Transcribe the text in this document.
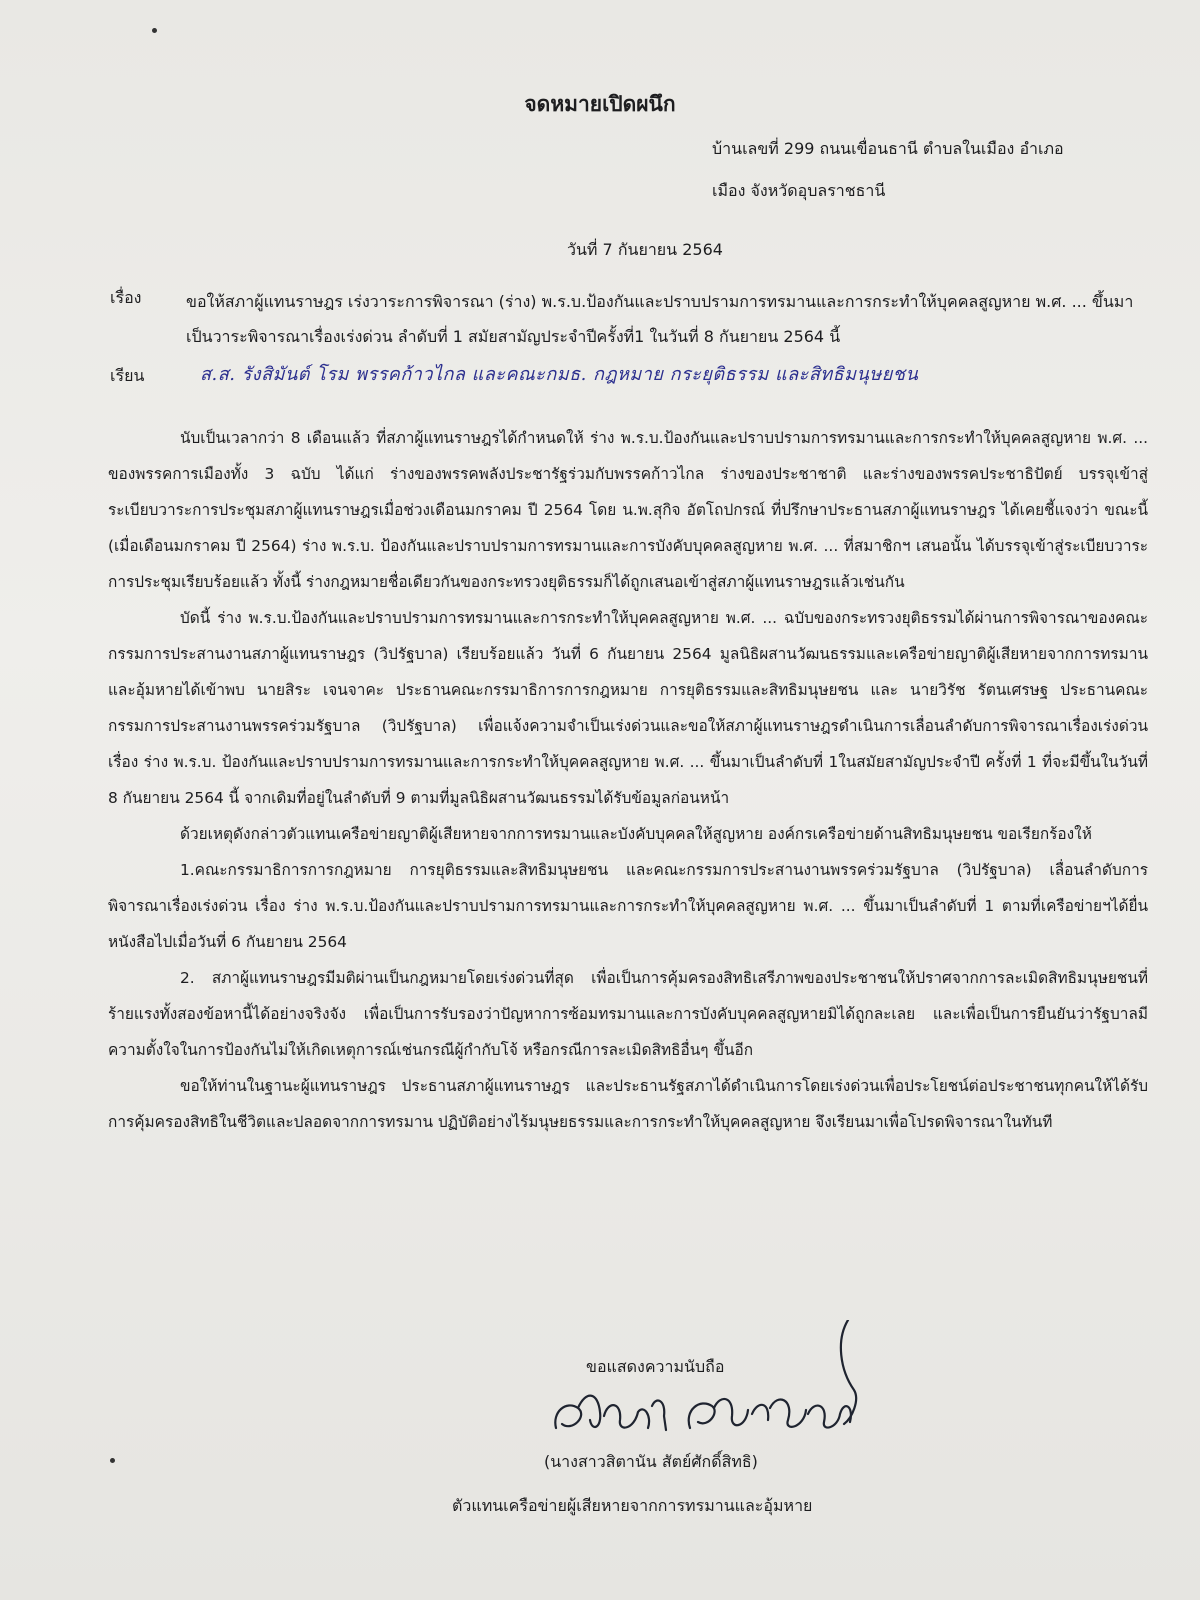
จดหมายเปิดผนึก
บ้านเลขที่ 299 ถนนเขื่อนธานี ตำบลในเมือง อำเภอ
เมือง จังหวัดอุบลราชธานี
วันที่ 7 กันยายน 2564
เรื่อง	ขอให้สภาผู้แทนราษฎร เร่งวาระการพิจารณา (ร่าง) พ.ร.บ.ป้องกันและปราบปรามการทรมานและการกระทำให้บุคคลสูญหาย พ.ศ. ... ขึ้นมาเป็นวาระพิจารณาเรื่องเร่งด่วน ลำดับที่ 1 สมัยสามัญประจำปีครั้งที่1 ในวันที่ 8 กันยายน 2564 นี้
เรียน	ส.ส. รังสิมันต์ โรม พรรคก้าวไกล และคณะกมธ. กฎหมาย กระยุติธรรม และสิทธิมนุษยชน

นับเป็นเวลากว่า 8 เดือนแล้ว ที่สภาผู้แทนราษฎรได้กำหนดให้ ร่าง พ.ร.บ.ป้องกันและปราบปรามการทรมานและการกระทำให้บุคคลสูญหาย พ.ศ. ... ของพรรคการเมืองทั้ง 3 ฉบับ ได้แก่ ร่างของพรรคพลังประชารัฐร่วมกับพรรคก้าวไกล ร่างของประชาชาติ และร่างของพรรคประชาธิปัตย์ บรรจุเข้าสู่ระเบียบวาระการประชุมสภาผู้แทนราษฎรเมื่อช่วงเดือนมกราคม ปี 2564 โดย น.พ.สุกิจ อัตโถปกรณ์ ที่ปรึกษาประธานสภาผู้แทนราษฎร ได้เคยชี้แจงว่า ขณะนี้ (เมื่อเดือนมกราคม ปี 2564) ร่าง พ.ร.บ. ป้องกันและปราบปรามการทรมานและการบังคับบุคคลสูญหาย พ.ศ. ... ที่สมาชิกฯ เสนอนั้น ได้บรรจุเข้าสู่ระเบียบวาระการประชุมเรียบร้อยแล้ว ทั้งนี้ ร่างกฎหมายชื่อเดียวกันของกระทรวงยุติธรรมก็ได้ถูกเสนอเข้าสู่สภาผู้แทนราษฎรแล้วเช่นกัน

บัดนี้ ร่าง พ.ร.บ.ป้องกันและปราบปรามการทรมานและการกระทำให้บุคคลสูญหาย พ.ศ. ... ฉบับของกระทรวงยุติธรรมได้ผ่านการพิจารณาของคณะกรรมการประสานงานสภาผู้แทนราษฎร (วิปรัฐบาล) เรียบร้อยแล้ว วันที่ 6 กันยายน 2564 มูลนิธิผสานวัฒนธรรมและเครือข่ายญาติผู้เสียหายจากการทรมานและอุ้มหายได้เข้าพบ นายสิระ เจนจาคะ ประธานคณะกรรมาธิการการกฎหมาย การยุติธรรมและสิทธิมนุษยชน และ นายวิรัช รัตนเศรษฐ ประธานคณะกรรมการประสานงานพรรคร่วมรัฐบาล (วิปรัฐบาล) เพื่อแจ้งความจำเป็นเร่งด่วนและขอให้สภาผู้แทนราษฎรดำเนินการเลื่อนลำดับการพิจารณาเรื่องเร่งด่วน เรื่อง ร่าง พ.ร.บ. ป้องกันและปราบปรามการทรมานและการกระทำให้บุคคลสูญหาย พ.ศ. ... ขึ้นมาเป็นลำดับที่ 1ในสมัยสามัญประจำปี ครั้งที่ 1 ที่จะมีขึ้นในวันที่ 8 กันยายน 2564 นี้ จากเดิมที่อยู่ในลำดับที่ 9 ตามที่มูลนิธิผสานวัฒนธรรมได้รับข้อมูลก่อนหน้า

ด้วยเหตุดังกล่าวตัวแทนเครือข่ายญาติผู้เสียหายจากการทรมานและบังคับบุคคลให้สูญหาย องค์กรเครือข่ายด้านสิทธิมนุษยชน ขอเรียกร้องให้

1.คณะกรรมาธิการการกฎหมาย การยุติธรรมและสิทธิมนุษยชน และคณะกรรมการประสานงานพรรคร่วมรัฐบาล (วิปรัฐบาล) เลื่อนลำดับการพิจารณาเรื่องเร่งด่วน เรื่อง ร่าง พ.ร.บ.ป้องกันและปราบปรามการทรมานและการกระทำให้บุคคลสูญหาย พ.ศ. ... ขึ้นมาเป็นลำดับที่ 1 ตามที่เครือข่ายฯได้ยื่นหนังสือไปเมื่อวันที่ 6 กันยายน 2564

2. สภาผู้แทนราษฎรมีมติผ่านเป็นกฎหมายโดยเร่งด่วนที่สุด เพื่อเป็นการคุ้มครองสิทธิเสรีภาพของประชาชนให้ปราศจากการละเมิดสิทธิมนุษยชนที่ร้ายแรงทั้งสองข้อหานี้ได้อย่างจริงจัง เพื่อเป็นการรับรองว่าปัญหาการซ้อมทรมานและการบังคับบุคคลสูญหายมิได้ถูกละเลย และเพื่อเป็นการยืนยันว่ารัฐบาลมีความตั้งใจในการป้องกันไม่ให้เกิดเหตุการณ์เช่นกรณีผู้กำกับโจ้ หรือกรณีการละเมิดสิทธิอื่นๆ ขึ้นอีก

ขอให้ท่านในฐานะผู้แทนราษฎร ประธานสภาผู้แทนราษฎร และประธานรัฐสภาได้ดำเนินการโดยเร่งด่วนเพื่อประโยชน์ต่อประชาชนทุกคนให้ได้รับการคุ้มครองสิทธิในชีวิตและปลอดจากการทรมาน ปฏิบัติอย่างไร้มนุษยธรรมและการกระทำให้บุคคลสูญหาย จึงเรียนมาเพื่อโปรดพิจารณาในทันที

ขอแสดงความนับถือ
(นางสาวสิตานัน สัตย์ศักดิ์สิทธิ)
ตัวแทนเครือข่ายผู้เสียหายจากการทรมานและอุ้มหาย
